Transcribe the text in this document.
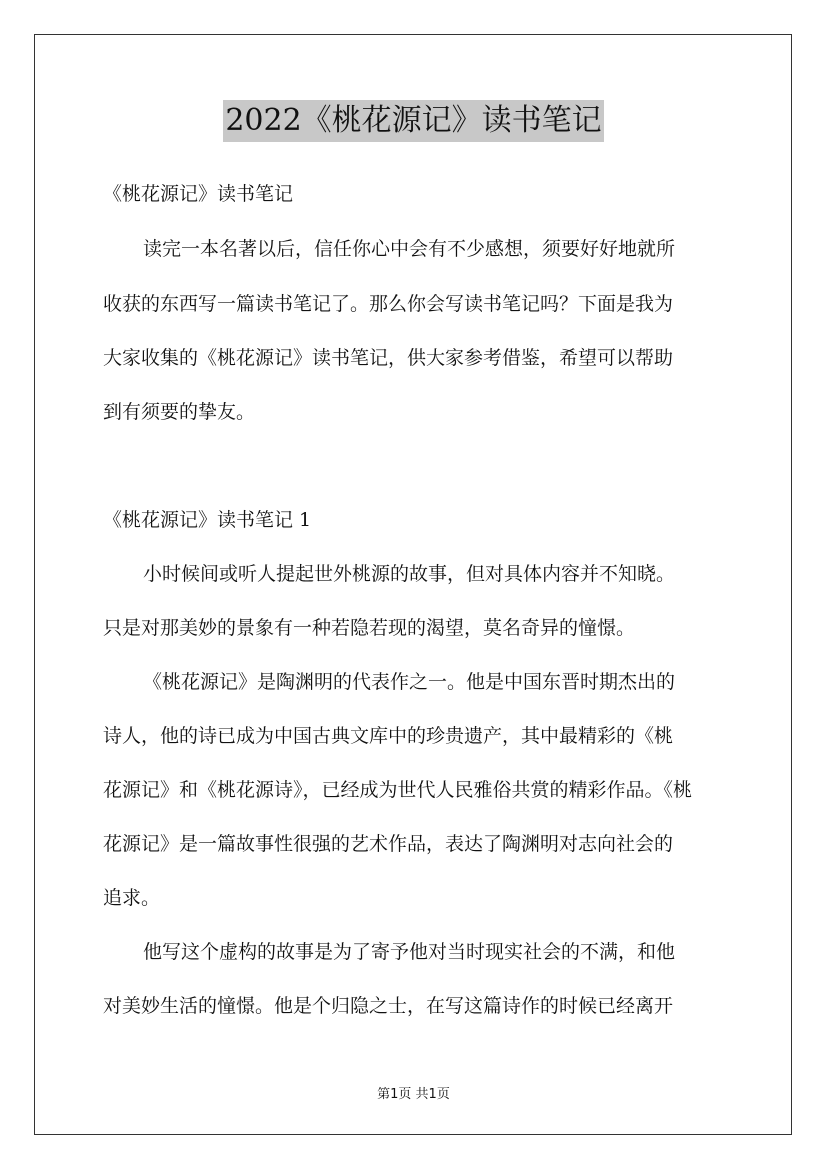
2022《桃花源记》读书笔记
《桃花源记》读书笔记
读完一本名著以后，信任你心中会有不少感想，须要好好地就所
收获的东西写一篇读书笔记了。那么你会写读书笔记吗？下面是我为
大家收集的《桃花源记》读书笔记，供大家参考借鉴，希望可以帮助
到有须要的挚友。
《桃花源记》读书笔记 1
小时候间或听人提起世外桃源的故事，但对具体内容并不知晓。
只是对那美妙的景象有一种若隐若现的渴望，莫名奇异的憧憬。
《桃花源记》是陶渊明的代表作之一。他是中国东晋时期杰出的
诗人，他的诗已成为中国古典文库中的珍贵遗产，其中最精彩的《桃
花源记》和《桃花源诗》，已经成为世代人民雅俗共赏的精彩作品。《桃
花源记》是一篇故事性很强的艺术作品，表达了陶渊明对志向社会的
追求。
他写这个虚构的故事是为了寄予他对当时现实社会的不满，和他
对美妙生活的憧憬。他是个归隐之士，在写这篇诗作的时候已经离开
第1页 共1页
